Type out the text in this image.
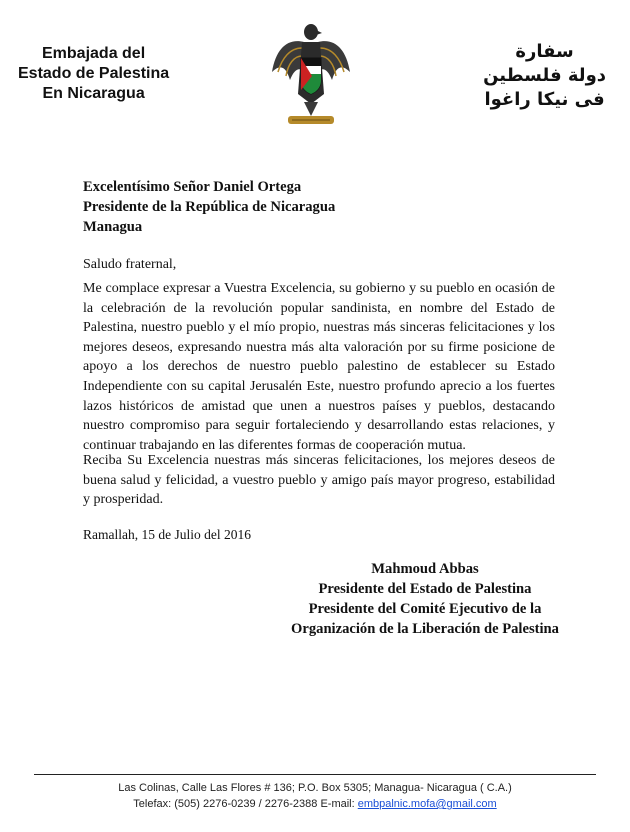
Embajada del
Estado de Palestina
En Nicaragua
سفارة
دولة فلسطين
فى نيكا راغوا
Excelentísimo Señor Daniel Ortega
Presidente de la República de Nicaragua
Managua

Saludo fraternal,

Me complace expresar a Vuestra Excelencia, su gobierno y su pueblo en ocasión de la celebración de la revolución popular sandinista, en nombre del Estado de Palestina, nuestro pueblo y el mío propio, nuestras más sinceras felicitaciones y los mejores deseos, expresando nuestra más alta valoración por su firme posicione de apoyo a los derechos de nuestro pueblo palestino de establecer su Estado Independiente con su capital Jerusalén Este, nuestro profundo aprecio a los fuertes lazos históricos de amistad que unen a nuestros países y pueblos, destacando nuestro compromiso para seguir fortaleciendo y desarrollando estas relaciones, y continuar trabajando en las diferentes formas de cooperación mutua.

Reciba Su Excelencia nuestras más sinceras felicitaciones, los mejores deseos de buena salud y felicidad, a vuestro pueblo y amigo país mayor progreso, estabilidad y prosperidad.

Ramallah, 15 de Julio del 2016
Mahmoud Abbas
Presidente del Estado de Palestina
Presidente del Comité Ejecutivo de la
Organización de la Liberación de Palestina
Las Colinas, Calle Las Flores # 136; P.O. Box 5305; Managua- Nicaragua ( C.A.)
Telefax: (505) 2276-0239 / 2276-2388 E-mail: embpalnic.mofa@gmail.com
